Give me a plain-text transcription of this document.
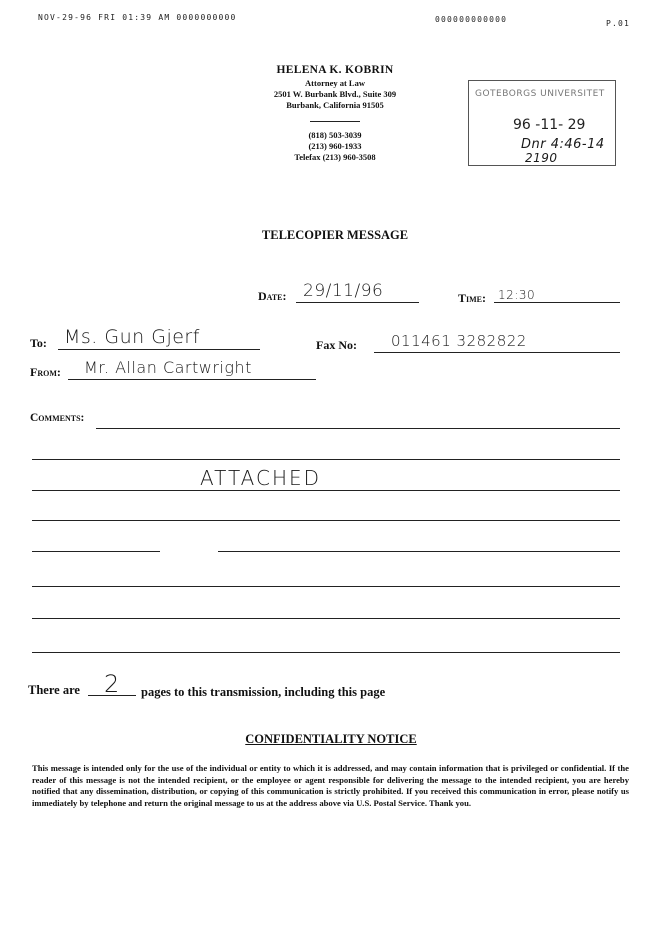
NOV-29-96 FRI 01:39 AM 0000000000	000000000000	P.01
HELENA K. KOBRIN
Attorney at Law
2501 W. Burbank Blvd., Suite 309
Burbank, California 91505
(818) 503-3039
(213) 960-1933
Telefax (213) 960-3508
GOTEBORGS UNIVERSITET
96 -11- 29
Dnr 4:46-14
2190
TELECOPIER MESSAGE
Date: 29/11/96	Time: 12:30
To: Ms. Gun Gjerf	Fax No: 011461 3282822
From: Mr. Allan Cartwright
Comments:
ATTACHED
There are 2 pages to this transmission, including this page
CONFIDENTIALITY NOTICE
This message is intended only for the use of the individual or entity to which it is addressed, and may contain information that is privileged or confidential. If the reader of this message is not the intended recipient, or the employee or agent responsible for delivering the message to the intended recipient, you are hereby notified that any dissemination, distribution, or copying of this communication is strictly prohibited. If you received this communication in error, please notify us immediately by telephone and return the original message to us at the address above via U.S. Postal Service. Thank you.
